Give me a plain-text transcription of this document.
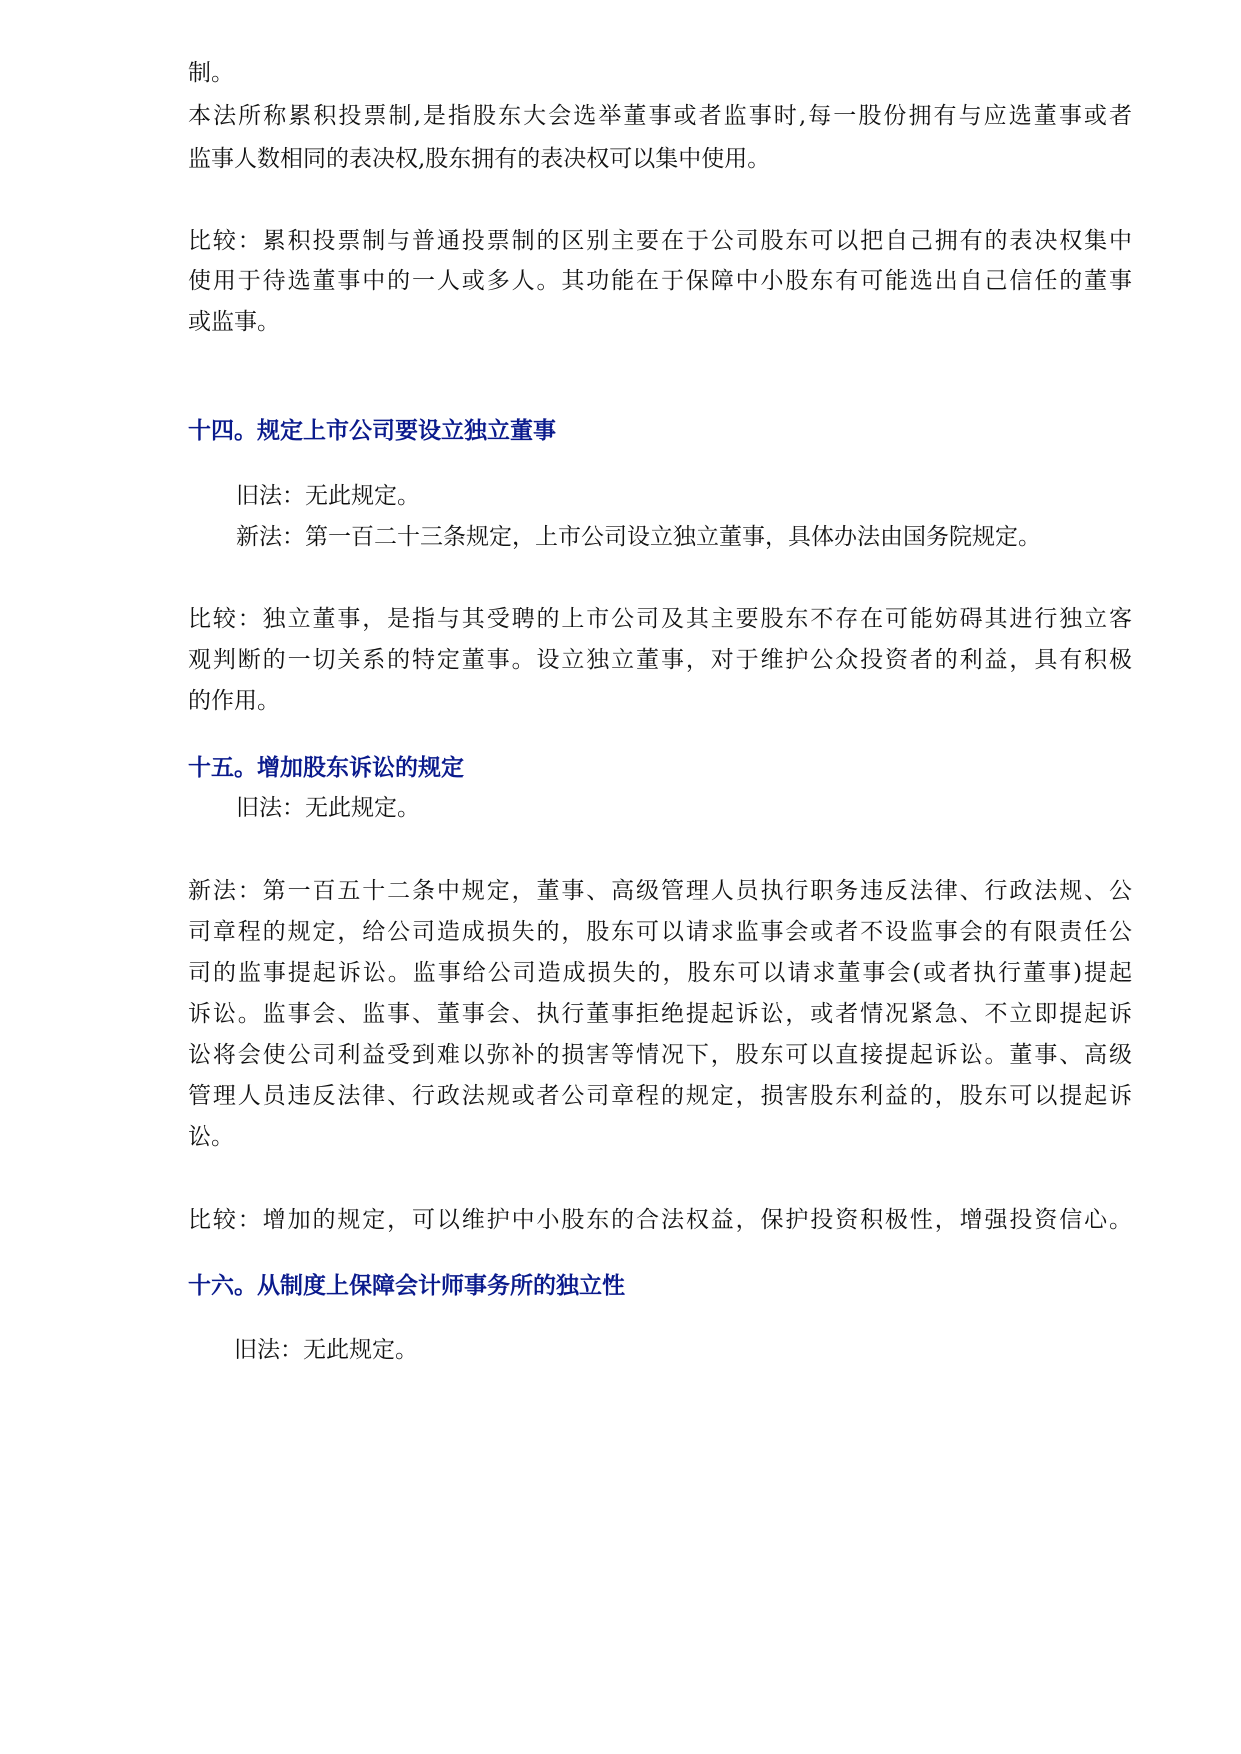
制。

本法所称累积投票制,是指股东大会选举董事或者监事时,每一股份拥有与应选董事或者

监事人数相同的表决权,股东拥有的表决权可以集中使用。

比较：累积投票制与普通投票制的区别主要在于公司股东可以把自己拥有的表决权集中

使用于待选董事中的一人或多人。其功能在于保障中小股东有可能选出自己信任的董事

或监事。

十四。规定上市公司要设立独立董事

旧法：无此规定。

新法：第一百二十三条规定，上市公司设立独立董事，具体办法由国务院规定。

比较：独立董事，是指与其受聘的上市公司及其主要股东不存在可能妨碍其进行独立客

观判断的一切关系的特定董事。设立独立董事，对于维护公众投资者的利益，具有积极

的作用。

十五。增加股东诉讼的规定

旧法：无此规定。

新法：第一百五十二条中规定，董事、高级管理人员执行职务违反法律、行政法规、公

司章程的规定，给公司造成损失的，股东可以请求监事会或者不设监事会的有限责任公

司的监事提起诉讼。监事给公司造成损失的，股东可以请求董事会(或者执行董事)提起

诉讼。监事会、监事、董事会、执行董事拒绝提起诉讼，或者情况紧急、不立即提起诉

讼将会使公司利益受到难以弥补的损害等情况下，股东可以直接提起诉讼。董事、高级

管理人员违反法律、行政法规或者公司章程的规定，损害股东利益的，股东可以提起诉

讼。

比较：增加的规定，可以维护中小股东的合法权益，保护投资积极性，增强投资信心。

十六。从制度上保障会计师事务所的独立性

旧法：无此规定。
